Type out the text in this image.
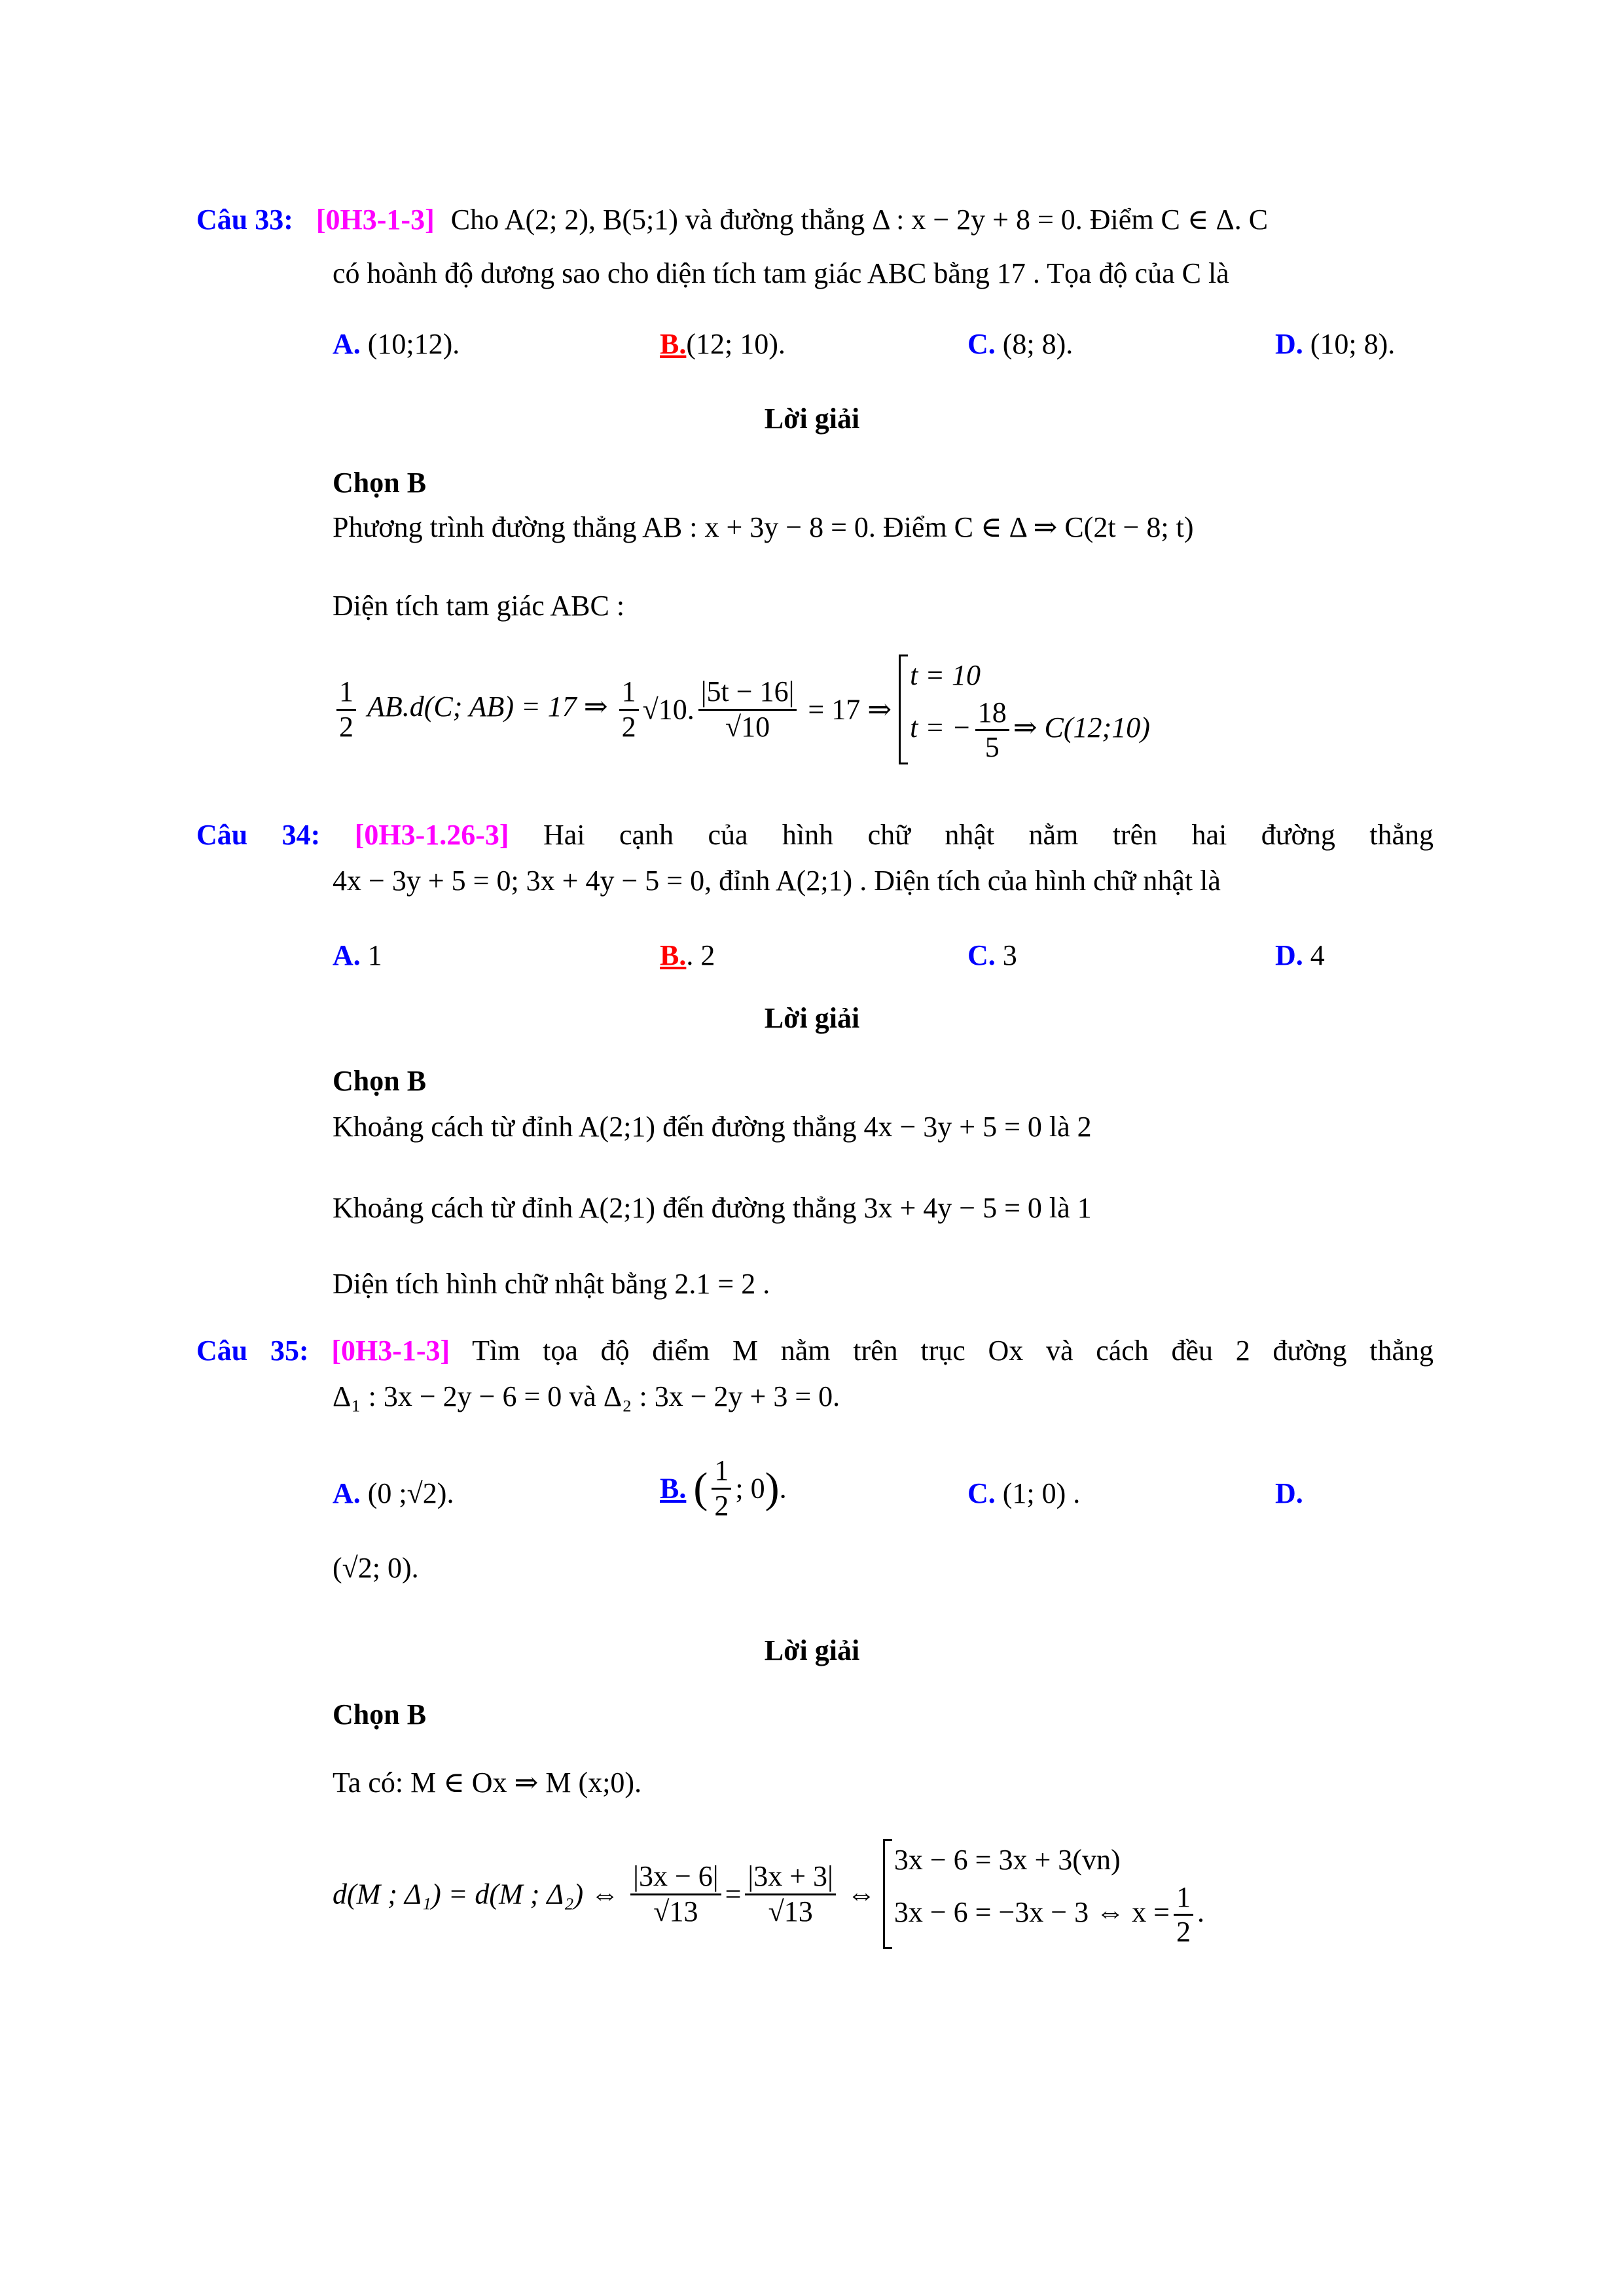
Câu 33: [0H3-1-3] Cho A(2; 2), B(5;1) và đường thẳng Δ : x − 2y + 8 = 0. Điểm C ∈ Δ. C
có hoành độ dương sao cho diện tích tam giác ABC bằng 17 . Tọa độ của C là
A. (10;12).	B.(12; 10).	C. (8; 8).	D. (10; 8).
Lời giải
Chọn B
Phương trình đường thẳng AB : x + 3y − 8 = 0. Điểm C ∈ Δ ⇒ C(2t − 8; t)
Diện tích tam giác ABC :
$\frac{1}{2} AB.d(C$; AB) = 17 ⇒ $\frac{1}{2} √10$. $\frac{|5t - 16|}{√10} = 17$ ⇒
t = 10
t = − $\frac{18}{5}$ ⇒ C(12;10)
Câu 34: [0H3-1.26-3] Hai cạnh của hình chữ nhật nằm trên hai đường thẳng
4x − 3y + 5 = 0; 3x + 4y − 5 = 0, đỉnh A(2;1) . Diện tích của hình chữ nhật là
A. 1	B.. 2	C. 3	D. 4
Lời giải
Chọn B
Khoảng cách từ đỉnh A(2;1) đến đường thẳng 4x − 3y + 5 = 0 là 2
Khoảng cách từ đỉnh A(2;1) đến đường thẳng 3x + 4y − 5 = 0 là 1
Diện tích hình chữ nhật bằng 2.1 = 2 .
Câu 35: [0H3-1-3] Tìm tọa độ điểm M nằm trên trục Ox và cách đều 2 đường thẳng
Δ₁ : 3x − 2y − 6 = 0 và Δ₂ : 3x − 2y + 3 = 0.
A. (0 ;√2).	B. ( $\frac{1}{2}$ ; 0).	C. (1; 0) .	D.
(√2; 0).
Lời giải
Chọn B
Ta có: M ∈ Ox ⇒ M (x;0).
d(M ; Δ₁) = d(M ; Δ₂) ⇔ $\frac{|3x - 6|}{√13} = \frac{|3x + 3|}{√13}$ ⇔
3x − 6 = 3x + 3(vn)
3x − 6 = −3x − 3 ⇔ $x = \frac{1}{2}$ .
